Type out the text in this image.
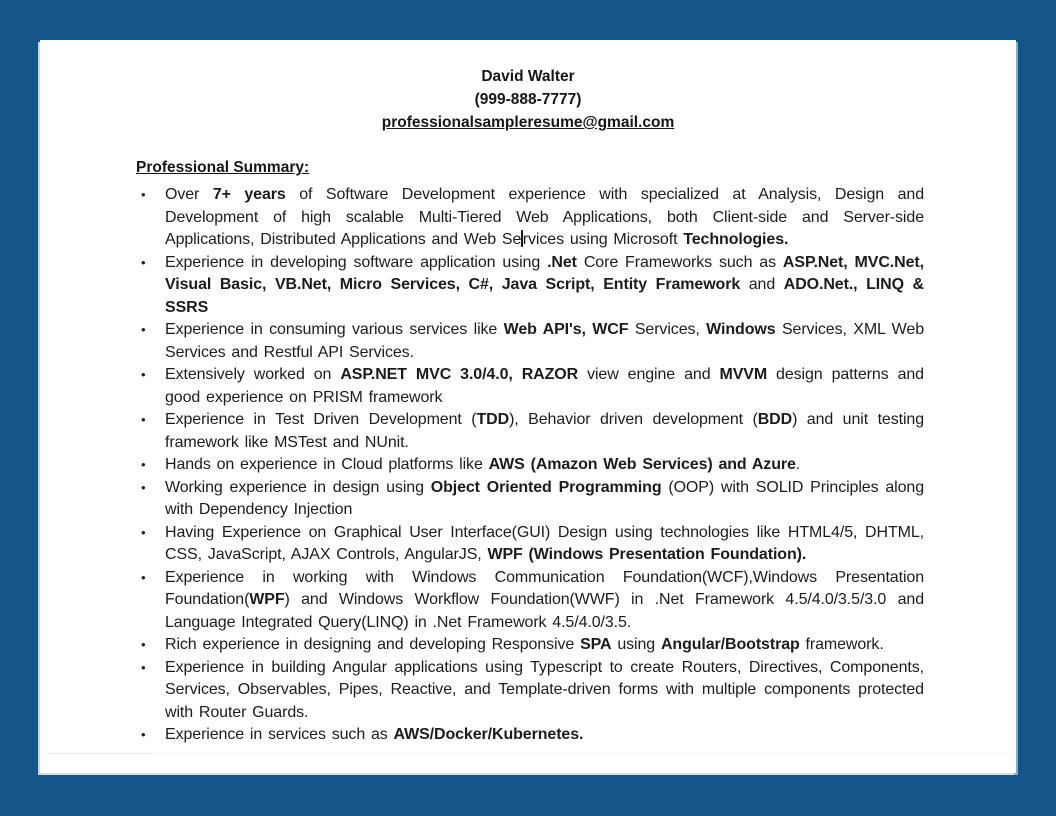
David Walter
(999-888-7777)
professionalsampleresume@gmail.com
Professional Summary:
•	Over 7+ years of Software Development experience with specialized at Analysis, Design and Development of high scalable Multi-Tiered Web Applications, both Client-side and Server-side Applications, Distributed Applications and Web Services using Microsoft Technologies.
•	Experience in developing software application using .Net Core Frameworks such as ASP.Net, MVC.Net, Visual Basic, VB.Net, Micro Services, C#, Java Script, Entity Framework and ADO.Net., LINQ & SSRS
•	Experience in consuming various services like Web API's, WCF Services, Windows Services, XML Web Services and Restful API Services.
•	Extensively worked on ASP.NET MVC 3.0/4.0, RAZOR view engine and MVVM design patterns and good experience on PRISM framework
•	Experience in Test Driven Development (TDD), Behavior driven development (BDD) and unit testing framework like MSTest and NUnit.
•	Hands on experience in Cloud platforms like AWS (Amazon Web Services) and Azure.
•	Working experience in design using Object Oriented Programming (OOP) with SOLID Principles along with Dependency Injection
•	Having Experience on Graphical User Interface(GUI) Design using technologies like HTML4/5, DHTML, CSS, JavaScript, AJAX Controls, AngularJS, WPF (Windows Presentation Foundation).
•	Experience in working with Windows Communication Foundation(WCF),Windows Presentation Foundation(WPF) and Windows Workflow Foundation(WWF) in .Net Framework 4.5/4.0/3.5/3.0 and Language Integrated Query(LINQ) in .Net Framework 4.5/4.0/3.5.
•	Rich experience in designing and developing Responsive SPA using Angular/Bootstrap framework.
•	Experience in building Angular applications using Typescript to create Routers, Directives, Components, Services, Observables, Pipes, Reactive, and Template-driven forms with multiple components protected with Router Guards.
•	Experience in services such as AWS/Docker/Kubernetes.
